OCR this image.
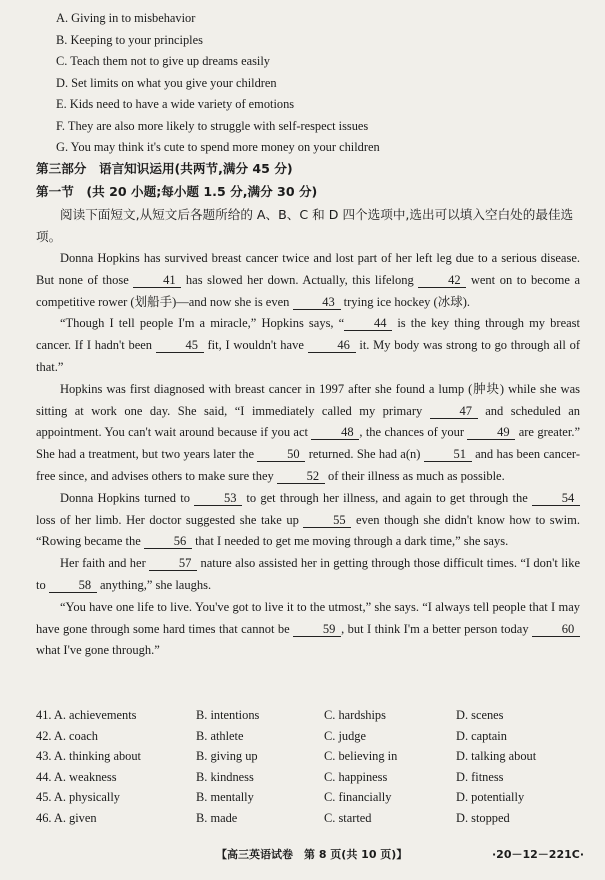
A. Giving in to misbehavior
B. Keeping to your principles
C. Teach them not to give up dreams easily
D. Set limits on what you give your children
E. Kids need to have a wide variety of emotions
F. They are also more likely to struggle with self-respect issues
G. You may think it's cute to spend more money on your children
第三部分　语言知识运用(共两节,满分 45 分)
第一节　(共 20 小题;每小题 1.5 分,满分 30 分)
阅读下面短文,从短文后各题所给的 A、B、C 和 D 四个选项中,选出可以填入空白处的最佳选项。

Donna Hopkins has survived breast cancer twice and lost part of her left leg due to a serious disease. But none of those 41 has slowed her down. Actually, this lifelong 42 went on to become a competitive rower (划船手)—and now she is even 43 trying ice hockey (冰球).

“Though I tell people I'm a miracle,” Hopkins says, “ 44 is the key thing through my breast cancer. If I hadn't been 45 fit, I wouldn't have 46 it. My body was strong to go through all of that.”

Hopkins was first diagnosed with breast cancer in 1997 after she found a lump (肿块) while she was sitting at work one day. She said, “I immediately called my primary 47 and scheduled an appointment. You can't wait around because if you act 48 , the chances of your 49 are greater.” She had a treatment, but two years later the 50 returned. She had a(n) 51 and has been cancer-free since, and advises others to make sure they 52 of their illness as much as possible.

Donna Hopkins turned to 53 to get through her illness, and again to get through the 54 loss of her limb. Her doctor suggested she take up 55 even though she didn't know how to swim. “Rowing became the 56 that I needed to get me moving through a dark time,” she says.

Her faith and her 57 nature also assisted her in getting through those difficult times. “I don't like to 58 anything,” she laughs.

“You have one life to live. You've got to live it to the utmost,” she says. “I always tell people that I may have gone through some hard times that cannot be 59 , but I think I'm a better person today 60 what I've gone through.”

41. A. achievements	B. intentions	C. hardships	D. scenes
42. A. coach	B. athlete	C. judge	D. captain
43. A. thinking about	B. giving up	C. believing in	D. talking about
44. A. weakness	B. kindness	C. happiness	D. fitness
45. A. physically	B. mentally	C. financially	D. potentially
46. A. given	B. made	C. started	D. stopped
【高三英语试卷　第 8 页(共 10 页)】	·20－12－221C·
